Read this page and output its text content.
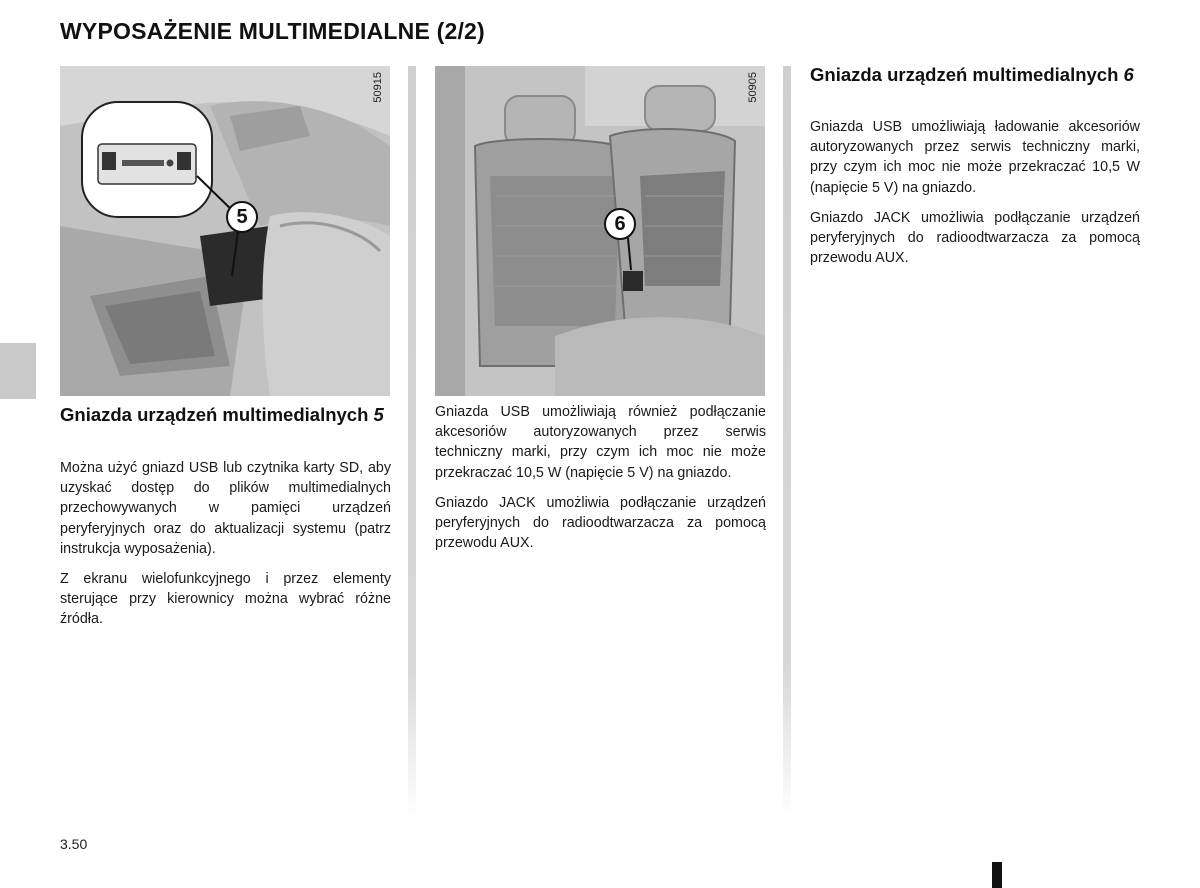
WYPOSAŻENIE MULTIMEDIALNE (2/2)
5
50915
6
50905
Gniazda urządzeń multimedialnych 5

Można użyć gniazd USB lub czytnika karty SD, aby uzyskać dostęp do plików multimedialnych przechowywanych w pamięci urządzeń peryferyjnych oraz do aktualizacji systemu (patrz instrukcja wyposażenia).

Z ekranu wielofunkcyjnego i przez elementy sterujące przy kierownicy można wybrać różne źródła.

Gniazda USB umożliwiają również podłączanie akcesoriów autoryzowanych przez serwis techniczny marki, przy czym ich moc nie może przekraczać 10,5 W (napięcie 5 V) na gniazdo.

Gniazdo JACK umożliwia podłączanie urządzeń peryferyjnych do radioodtwarzacza za pomocą przewodu AUX.

Gniazda urządzeń multimedialnych 6

Gniazda USB umożliwiają ładowanie akcesoriów autoryzowanych przez serwis techniczny marki, przy czym ich moc nie może przekraczać 10,5 W (napięcie 5 V) na gniazdo.

Gniazdo JACK umożliwia podłączanie urządzeń peryferyjnych do radioodtwarzacza za pomocą przewodu AUX.

3.50
